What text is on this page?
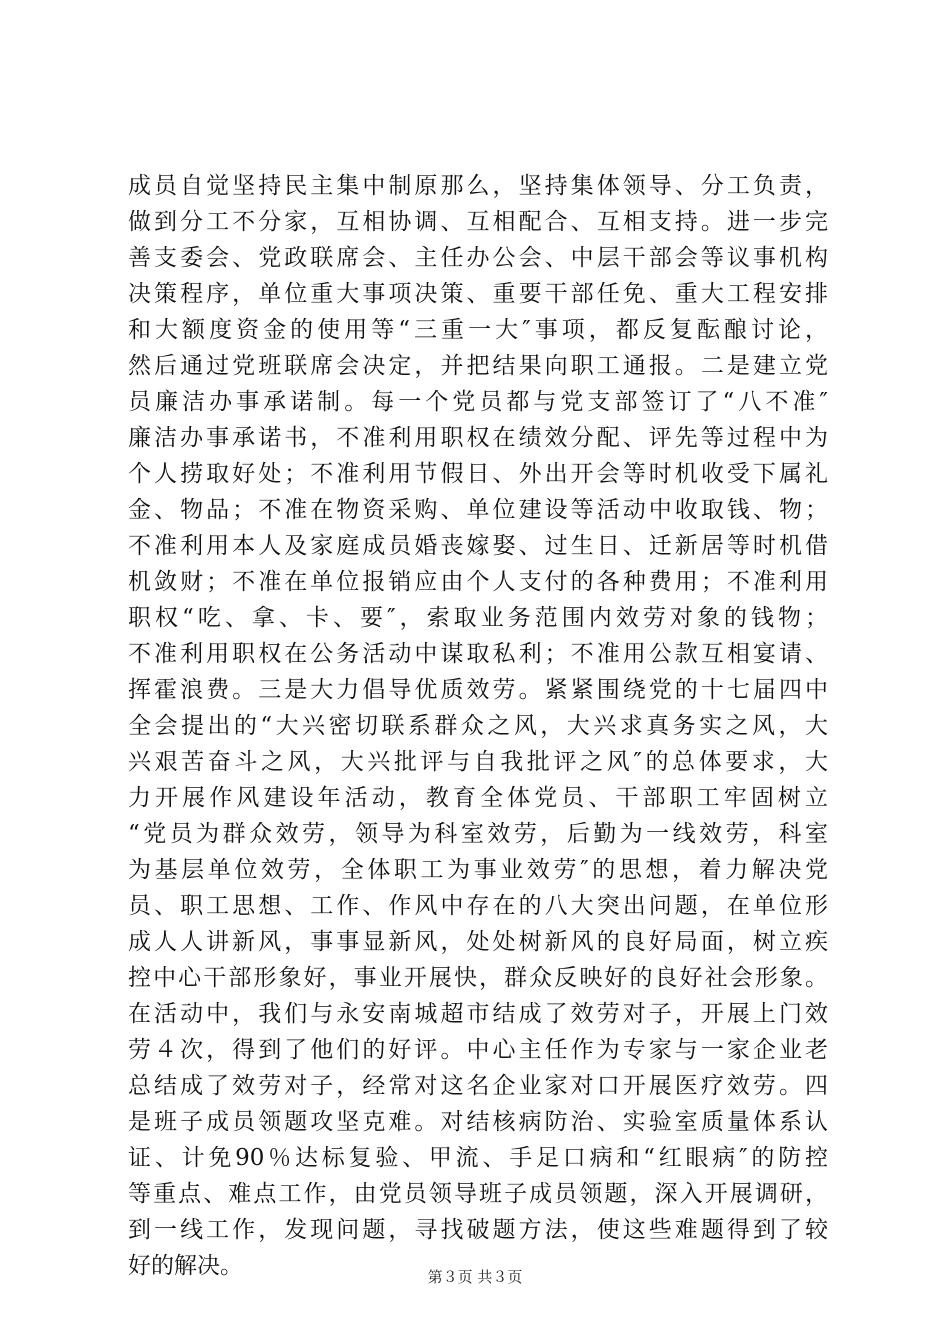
成员自觉坚持民主集中制原那么，坚持集体领导、分工负责，
做到分工不分家，互相协调、互相配合、互相支持。进一步完
善支委会、党政联席会、主任办公会、中层干部会等议事机构
决策程序，单位重大事项决策、重要干部任免、重大工程安排
和大额度资金的使用等“三重一大″事项，都反复酝酿讨论，
然后通过党班联席会决定，并把结果向职工通报。二是建立党
员廉洁办事承诺制。每一个党员都与党支部签订了“八不准″
廉洁办事承诺书，不准利用职权在绩效分配、评先等过程中为
个人捞取好处；不准利用节假日、外出开会等时机收受下属礼
金、物品；不准在物资采购、单位建设等活动中收取钱、物；
不准利用本人及家庭成员婚丧嫁娶、过生日、迁新居等时机借
机敛财；不准在单位报销应由个人支付的各种费用；不准利用
职权“吃、拿、卡、要″，索取业务范围内效劳对象的钱物；
不准利用职权在公务活动中谋取私利；不准用公款互相宴请、
挥霍浪费。三是大力倡导优质效劳。紧紧围绕党的十七届四中
全会提出的“大兴密切联系群众之风，大兴求真务实之风，大
兴艰苦奋斗之风，大兴批评与自我批评之风″的总体要求，大
力开展作风建设年活动，教育全体党员、干部职工牢固树立
“党员为群众效劳，领导为科室效劳，后勤为一线效劳，科室
为基层单位效劳，全体职工为事业效劳″的思想，着力解决党
员、职工思想、工作、作风中存在的八大突出问题，在单位形
成人人讲新风，事事显新风，处处树新风的良好局面，树立疾
控中心干部形象好，事业开展快，群众反映好的良好社会形象。
在活动中，我们与永安南城超市结成了效劳对子，开展上门效
劳４次，得到了他们的好评。中心主任作为专家与一家企业老
总结成了效劳对子，经常对这名企业家对口开展医疗效劳。四
是班子成员领题攻坚克难。对结核病防治、实验室质量体系认
证、计免90％达标复验、甲流、手足口病和“红眼病″的防控
等重点、难点工作，由党员领导班子成员领题，深入开展调研，
到一线工作，发现问题，寻找破题方法，使这些难题得到了较
好的解决。	第３页 共３页
